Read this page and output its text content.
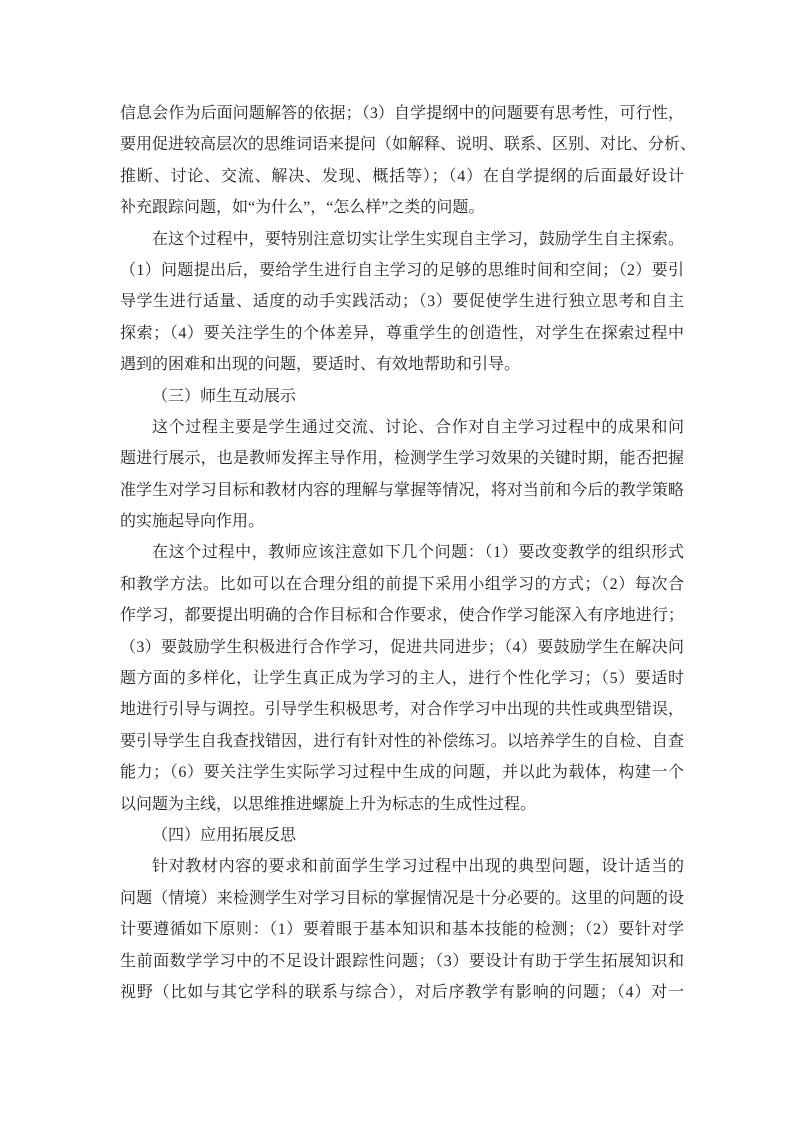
信息会作为后面问题解答的依据；（3）自学提纲中的问题要有思考性，可行性，
要用促进较高层次的思维词语来提问（如解释、说明、联系、区别、对比、分析、
推断、讨论、交流、解决、发现、概括等）；（4）在自学提纲的后面最好设计
补充跟踪问题，如“为什么”，“怎么样”之类的问题。
在这个过程中，要特别注意切实让学生实现自主学习，鼓励学生自主探索。
（1）问题提出后，要给学生进行自主学习的足够的思维时间和空间；（2）要引
导学生进行适量、适度的动手实践活动；（3）要促使学生进行独立思考和自主
探索；（4）要关注学生的个体差异，尊重学生的创造性，对学生在探索过程中
遇到的困难和出现的问题，要适时、有效地帮助和引导。
（三）师生互动展示
这个过程主要是学生通过交流、讨论、合作对自主学习过程中的成果和问
题进行展示，也是教师发挥主导作用，检测学生学习效果的关键时期，能否把握
准学生对学习目标和教材内容的理解与掌握等情况，将对当前和今后的教学策略
的实施起导向作用。
在这个过程中，教师应该注意如下几个问题：（1）要改变教学的组织形式
和教学方法。比如可以在合理分组的前提下采用小组学习的方式；（2）每次合
作学习，都要提出明确的合作目标和合作要求，使合作学习能深入有序地进行；
（3）要鼓励学生积极进行合作学习，促进共同进步；（4）要鼓励学生在解决问
题方面的多样化，让学生真正成为学习的主人，进行个性化学习；（5）要适时
地进行引导与调控。引导学生积极思考，对合作学习中出现的共性或典型错误，
要引导学生自我查找错因，进行有针对性的补偿练习。以培养学生的自检、自查
能力；（6）要关注学生实际学习过程中生成的问题，并以此为载体，构建一个
以问题为主线，以思维推进螺旋上升为标志的生成性过程。
（四）应用拓展反思
针对教材内容的要求和前面学生学习过程中出现的典型问题，设计适当的
问题（情境）来检测学生对学习目标的掌握情况是十分必要的。这里的问题的设
计要遵循如下原则：（1）要着眼于基本知识和基本技能的检测；（2）要针对学
生前面数学学习中的不足设计跟踪性问题；（3）要设计有助于学生拓展知识和
视野（比如与其它学科的联系与综合），对后序教学有影响的问题；（4）对一
